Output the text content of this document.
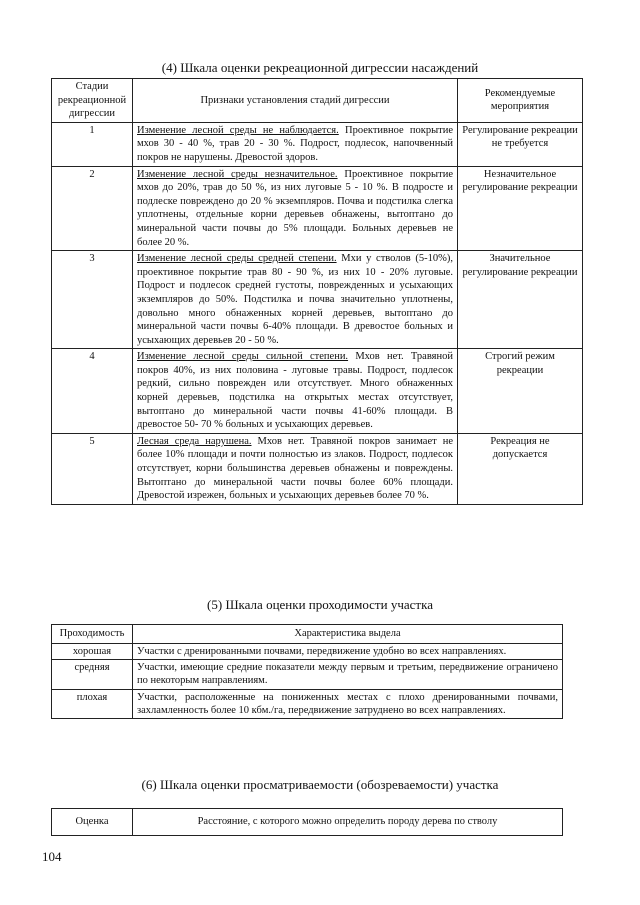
(4) Шкала оценки рекреационной дигрессии насаждений
Стадии рекреационной дигрессии	Признаки установления стадий дигрессии	Рекомендуемые мероприятия
1	Изменение лесной среды не наблюдается. Проективное покрытие мхов 30 - 40 %, трав 20 - 30 %. Подрост, подлесок, напочвенный покров не нарушены. Древостой здоров.	Регулирование рекреации не требуется
2	Изменение лесной среды незначительное. Проективное покрытие мхов до 20%, трав до 50 %, из них луговые 5 - 10 %. В подросте и подлеске повреждено до 20 % экземпляров. Почва и подстилка слегка уплотнены, отдельные корни деревьев обнажены, вытоптано до минеральной части почвы до 5% площади. Больных деревьев не более 20 %.	Незначительное регулирование рекреации
3	Изменение лесной среды средней степени. Мхи у стволов (5-10%), проективное покрытие трав 80 - 90 %, из них 10 - 20% луговые. Подрост и подлесок средней густоты, поврежденных и усыхающих экземпляров до 50%. Подстилка и почва значительно уплотнены, довольно много обнаженных корней деревьев, вытоптано до минеральной части почвы 6-40% площади. В древостое больных и усыхающих деревьев 20 - 50 %.	Значительное регулирование рекреации
4	Изменение лесной среды сильной степени. Мхов нет. Травяной покров 40%, из них половина - луговые травы. Подрост, подлесок редкий, сильно поврежден или отсутствует. Много обнаженных корней деревьев, подстилка на открытых местах отсутствует, вытоптано до минеральной части почвы 41-60% площади. В древостое 50- 70 % больных и усыхающих деревьев.	Строгий режим рекреации
5	Лесная среда нарушена. Мхов нет. Травяной покров занимает не более 10% площади и почти полностью из злаков. Подрост, подлесок отсутствует, корни большинства деревьев обнажены и повреждены. Вытоптано до минеральной части почвы более 60% площади. Древостой изрежен, больных и усыхающих деревьев более 70 %.	Рекреация не допускается
(5) Шкала оценки проходимости участка
Проходимость	Характеристика выдела
хорошая	Участки с дренированными почвами, передвижение удобно во всех направлениях.
средняя	Участки, имеющие средние показатели между первым и третьим, передвижение ограничено по некоторым направлениям.
плохая	Участки, расположенные на пониженных местах с плохо дренированными почвами, захламленность более 10 кбм./га, передвижение затруднено во всех направлениях.
(6) Шкала оценки просматриваемости (обозреваемости) участка
Оценка	Расстояние, с которого можно определить породу дерева по стволу
104
